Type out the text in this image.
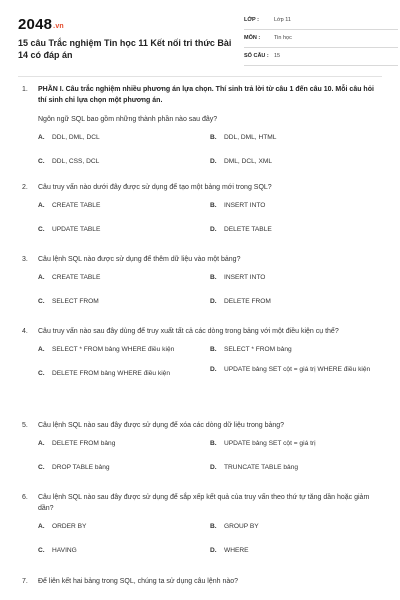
2048.vn
15 câu Trắc nghiệm Tin học 11 Kết nối tri thức Bài 14 có đáp án
LỚP :	Lớp 11
MÔN :	Tin học
SỐ CÂU : 15
1.	PHẦN I. Câu trắc nghiệm nhiều phương án lựa chọn. Thí sinh trả lời từ câu 1 đến câu 10. Mỗi câu hỏi thí sinh chỉ lựa chọn một phương án.
Ngôn ngữ SQL bao gồm những thành phần nào sau đây?
A. DDL, DML, DCL	B. DDL, DML, HTML
C. DDL, CSS, DCL	D. DML, DCL, XML
2.	Câu truy vấn nào dưới đây được sử dụng để tạo một bảng mới trong SQL?
A. CREATE TABLE	B. INSERT INTO
C. UPDATE TABLE	D. DELETE TABLE
3.	Câu lệnh SQL nào được sử dụng để thêm dữ liệu vào một bảng?
A. CREATE TABLE	B. INSERT INTO
C. SELECT FROM	D. DELETE FROM
4.	Câu truy vấn nào sau đây dùng để truy xuất tất cả các dòng trong bảng với một điều kiện cụ thể?
A. SELECT * FROM bảng WHERE điều kiện	B. SELECT * FROM bảng
C. DELETE FROM bảng WHERE điều kiện
D. UPDATE bảng SET cột = giá trị WHERE điều kiện
5.	Câu lệnh SQL nào sau đây được sử dụng để xóa các dòng dữ liệu trong bảng?
A. DELETE FROM bảng	B. UPDATE bảng SET cột = giá trị
C. DROP TABLE bảng	D. TRUNCATE TABLE bảng
6.	Câu lệnh SQL nào sau đây được sử dụng để sắp xếp kết quả của truy vấn theo thứ tự tăng dần hoặc giảm dần?
A. ORDER BY	B. GROUP BY
C. HAVING	D. WHERE
7.	Để liên kết hai bảng trong SQL, chúng ta sử dụng câu lệnh nào?
